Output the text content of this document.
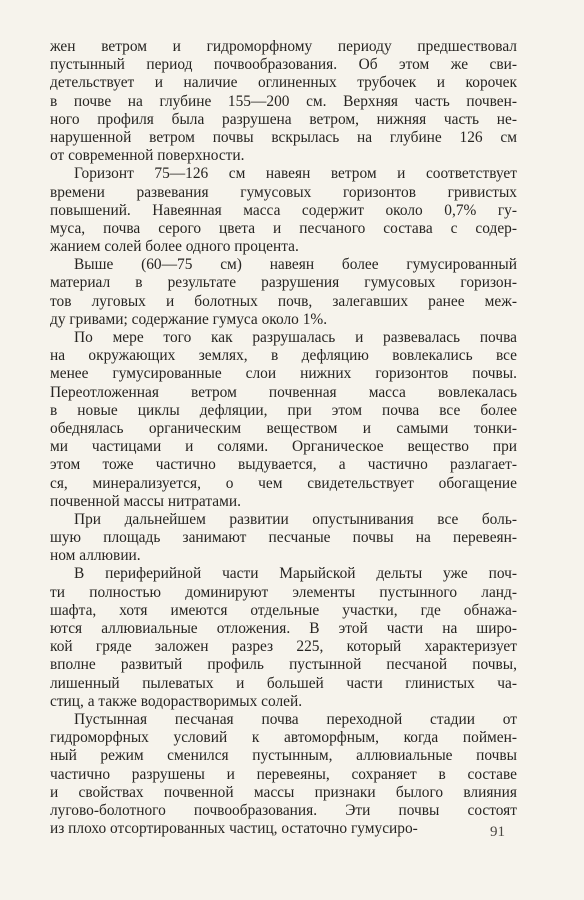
жен ветром и гидроморфному периоду предшествовал
пустынный период почвообразования. Об этом же сви-
детельствует и наличие оглиненных трубочек и корочек
в почве на глубине 155—200 см. Верхняя часть почвен-
ного профиля была разрушена ветром, нижняя часть не-
нарушенной ветром почвы вскрылась на глубине 126 см
от современной поверхности.
Горизонт 75—126 см навеян ветром и соответствует
времени развевания гумусовых горизонтов гривистых
повышений. Навеянная масса содержит около 0,7% гу-
муса, почва серого цвета и песчаного состава с содер-
жанием солей более одного процента.
Выше (60—75 см) навеян более гумусированный
материал в результате разрушения гумусовых горизон-
тов луговых и болотных почв, залегавших ранее меж-
ду гривами; содержание гумуса около 1%.
По мере того как разрушалась и развевалась почва
на окружающих землях, в дефляцию вовлекались все
менее гумусированные слои нижних горизонтов почвы.
Переотложенная ветром почвенная масса вовлекалась
в новые циклы дефляции, при этом почва все более
обеднялась органическим веществом и самыми тонки-
ми частицами и солями. Органическое вещество при
этом тоже частично выдувается, а частично разлагает-
ся, минерализуется, о чем свидетельствует обогащение
почвенной массы нитратами.
При дальнейшем развитии опустынивания все боль-
шую площадь занимают песчаные почвы на перевеян-
ном аллювии.
В периферийной части Марыйской дельты уже поч-
ти полностью доминируют элементы пустынного ланд-
шафта, хотя имеются отдельные участки, где обнажа-
ются аллювиальные отложения. В этой части на широ-
кой гряде заложен разрез 225, который характеризует
вполне развитый профиль пустынной песчаной почвы,
лишенный пылеватых и большей части глинистых ча-
стиц, а также водорастворимых солей.
Пустынная песчаная почва переходной стадии от
гидроморфных условий к автоморфным, когда поймен-
ный режим сменился пустынным, аллювиальные почвы
частично разрушены и перевеяны, сохраняет в составе
и свойствах почвенной массы признаки былого влияния
лугово-болотного почвообразования. Эти почвы состоят
из плохо отсортированных частиц, остаточно гумусиро-	91
